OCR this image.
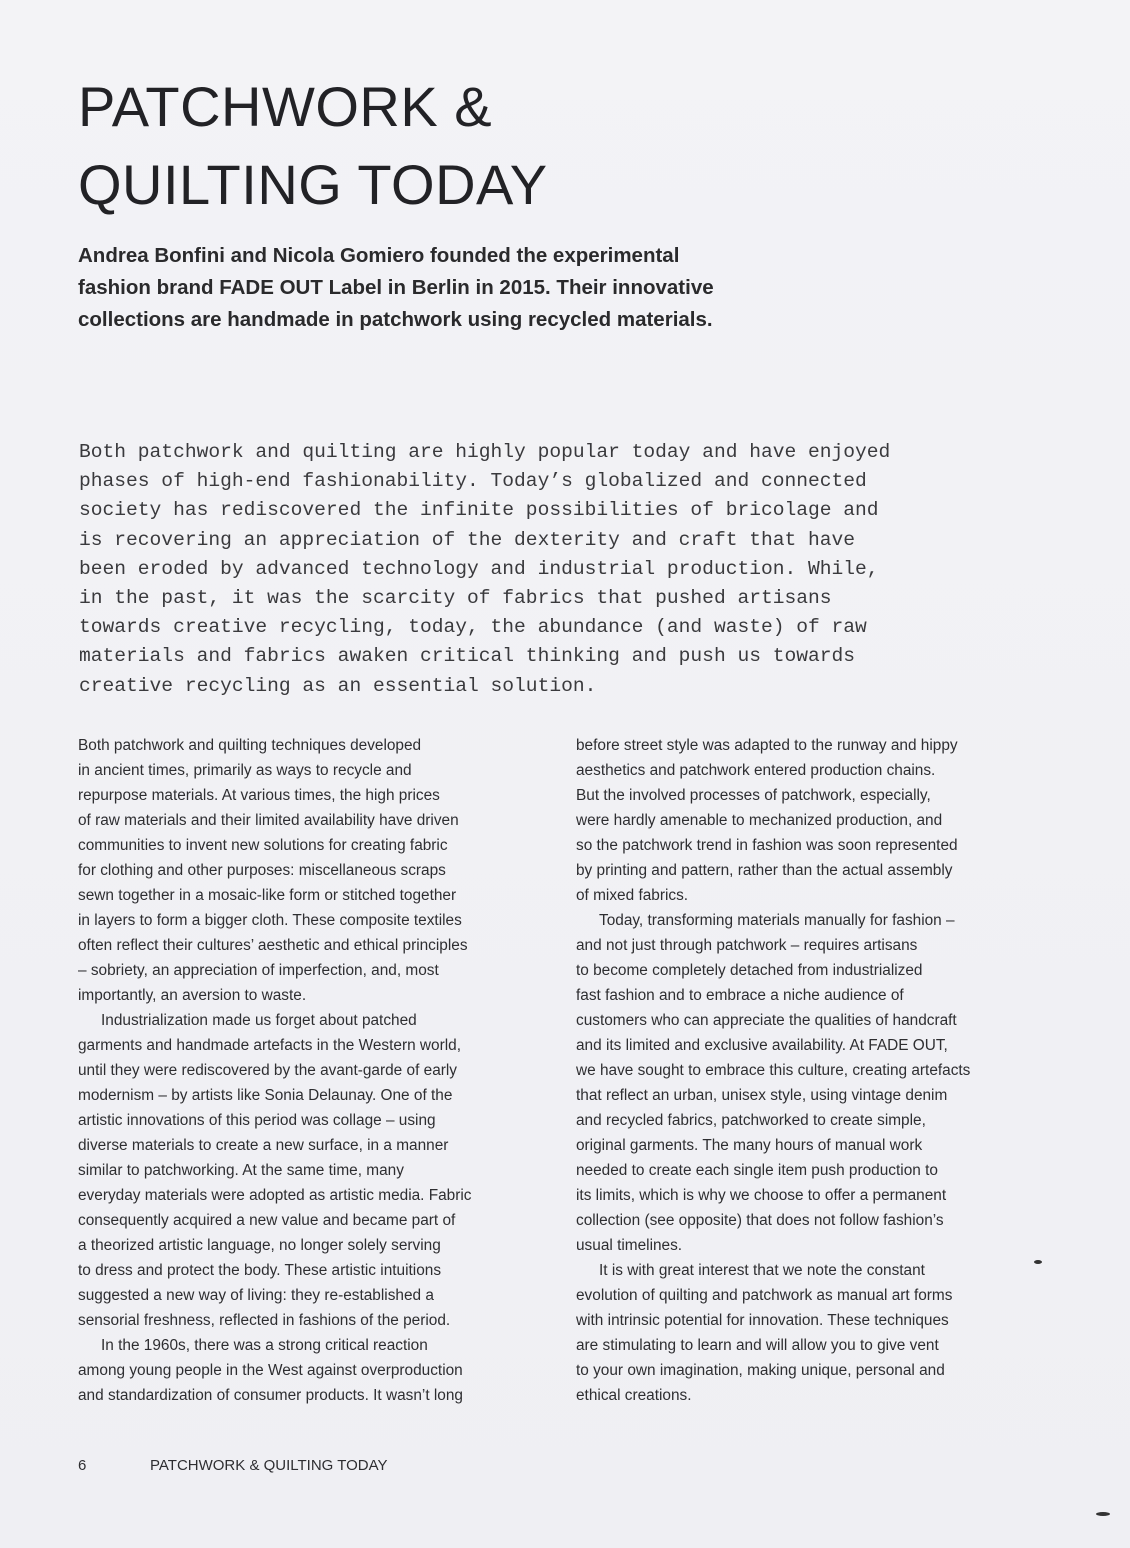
PATCHWORK &
QUILTING TODAY

Andrea Bonfini and Nicola Gomiero founded the experimental
fashion brand FADE OUT Label in Berlin in 2015. Their innovative
collections are handmade in patchwork using recycled materials.

Both patchwork and quilting are highly popular today and have enjoyed
phases of high-end fashionability. Today’s globalized and connected
society has rediscovered the infinite possibilities of bricolage and
is recovering an appreciation of the dexterity and craft that have
been eroded by advanced technology and industrial production. While,
in the past, it was the scarcity of fabrics that pushed artisans
towards creative recycling, today, the abundance (and waste) of raw
materials and fabrics awaken critical thinking and push us towards
creative recycling as an essential solution.

Both patchwork and quilting techniques developed
in ancient times, primarily as ways to recycle and
repurpose materials. At various times, the high prices
of raw materials and their limited availability have driven
communities to invent new solutions for creating fabric
for clothing and other purposes: miscellaneous scraps
sewn together in a mosaic-like form or stitched together
in layers to form a bigger cloth. These composite textiles
often reflect their cultures’ aesthetic and ethical principles
– sobriety, an appreciation of imperfection, and, most
importantly, an aversion to waste.
Industrialization made us forget about patched
garments and handmade artefacts in the Western world,
until they were rediscovered by the avant-garde of early
modernism – by artists like Sonia Delaunay. One of the
artistic innovations of this period was collage – using
diverse materials to create a new surface, in a manner
similar to patchworking. At the same time, many
everyday materials were adopted as artistic media. Fabric
consequently acquired a new value and became part of
a theorized artistic language, no longer solely serving
to dress and protect the body. These artistic intuitions
suggested a new way of living: they re-established a
sensorial freshness, reflected in fashions of the period.
In the 1960s, there was a strong critical reaction
among young people in the West against overproduction
and standardization of consumer products. It wasn’t long
before street style was adapted to the runway and hippy
aesthetics and patchwork entered production chains.
But the involved processes of patchwork, especially,
were hardly amenable to mechanized production, and
so the patchwork trend in fashion was soon represented
by printing and pattern, rather than the actual assembly
of mixed fabrics.
Today, transforming materials manually for fashion –
and not just through patchwork – requires artisans
to become completely detached from industrialized
fast fashion and to embrace a niche audience of
customers who can appreciate the qualities of handcraft
and its limited and exclusive availability. At FADE OUT,
we have sought to embrace this culture, creating artefacts
that reflect an urban, unisex style, using vintage denim
and recycled fabrics, patchworked to create simple,
original garments. The many hours of manual work
needed to create each single item push production to
its limits, which is why we choose to offer a permanent
collection (see opposite) that does not follow fashion’s
usual timelines.
It is with great interest that we note the constant
evolution of quilting and patchwork as manual art forms
with intrinsic potential for innovation. These techniques
are stimulating to learn and will allow you to give vent
to your own imagination, making unique, personal and
ethical creations.
6	PATCHWORK & QUILTING TODAY
